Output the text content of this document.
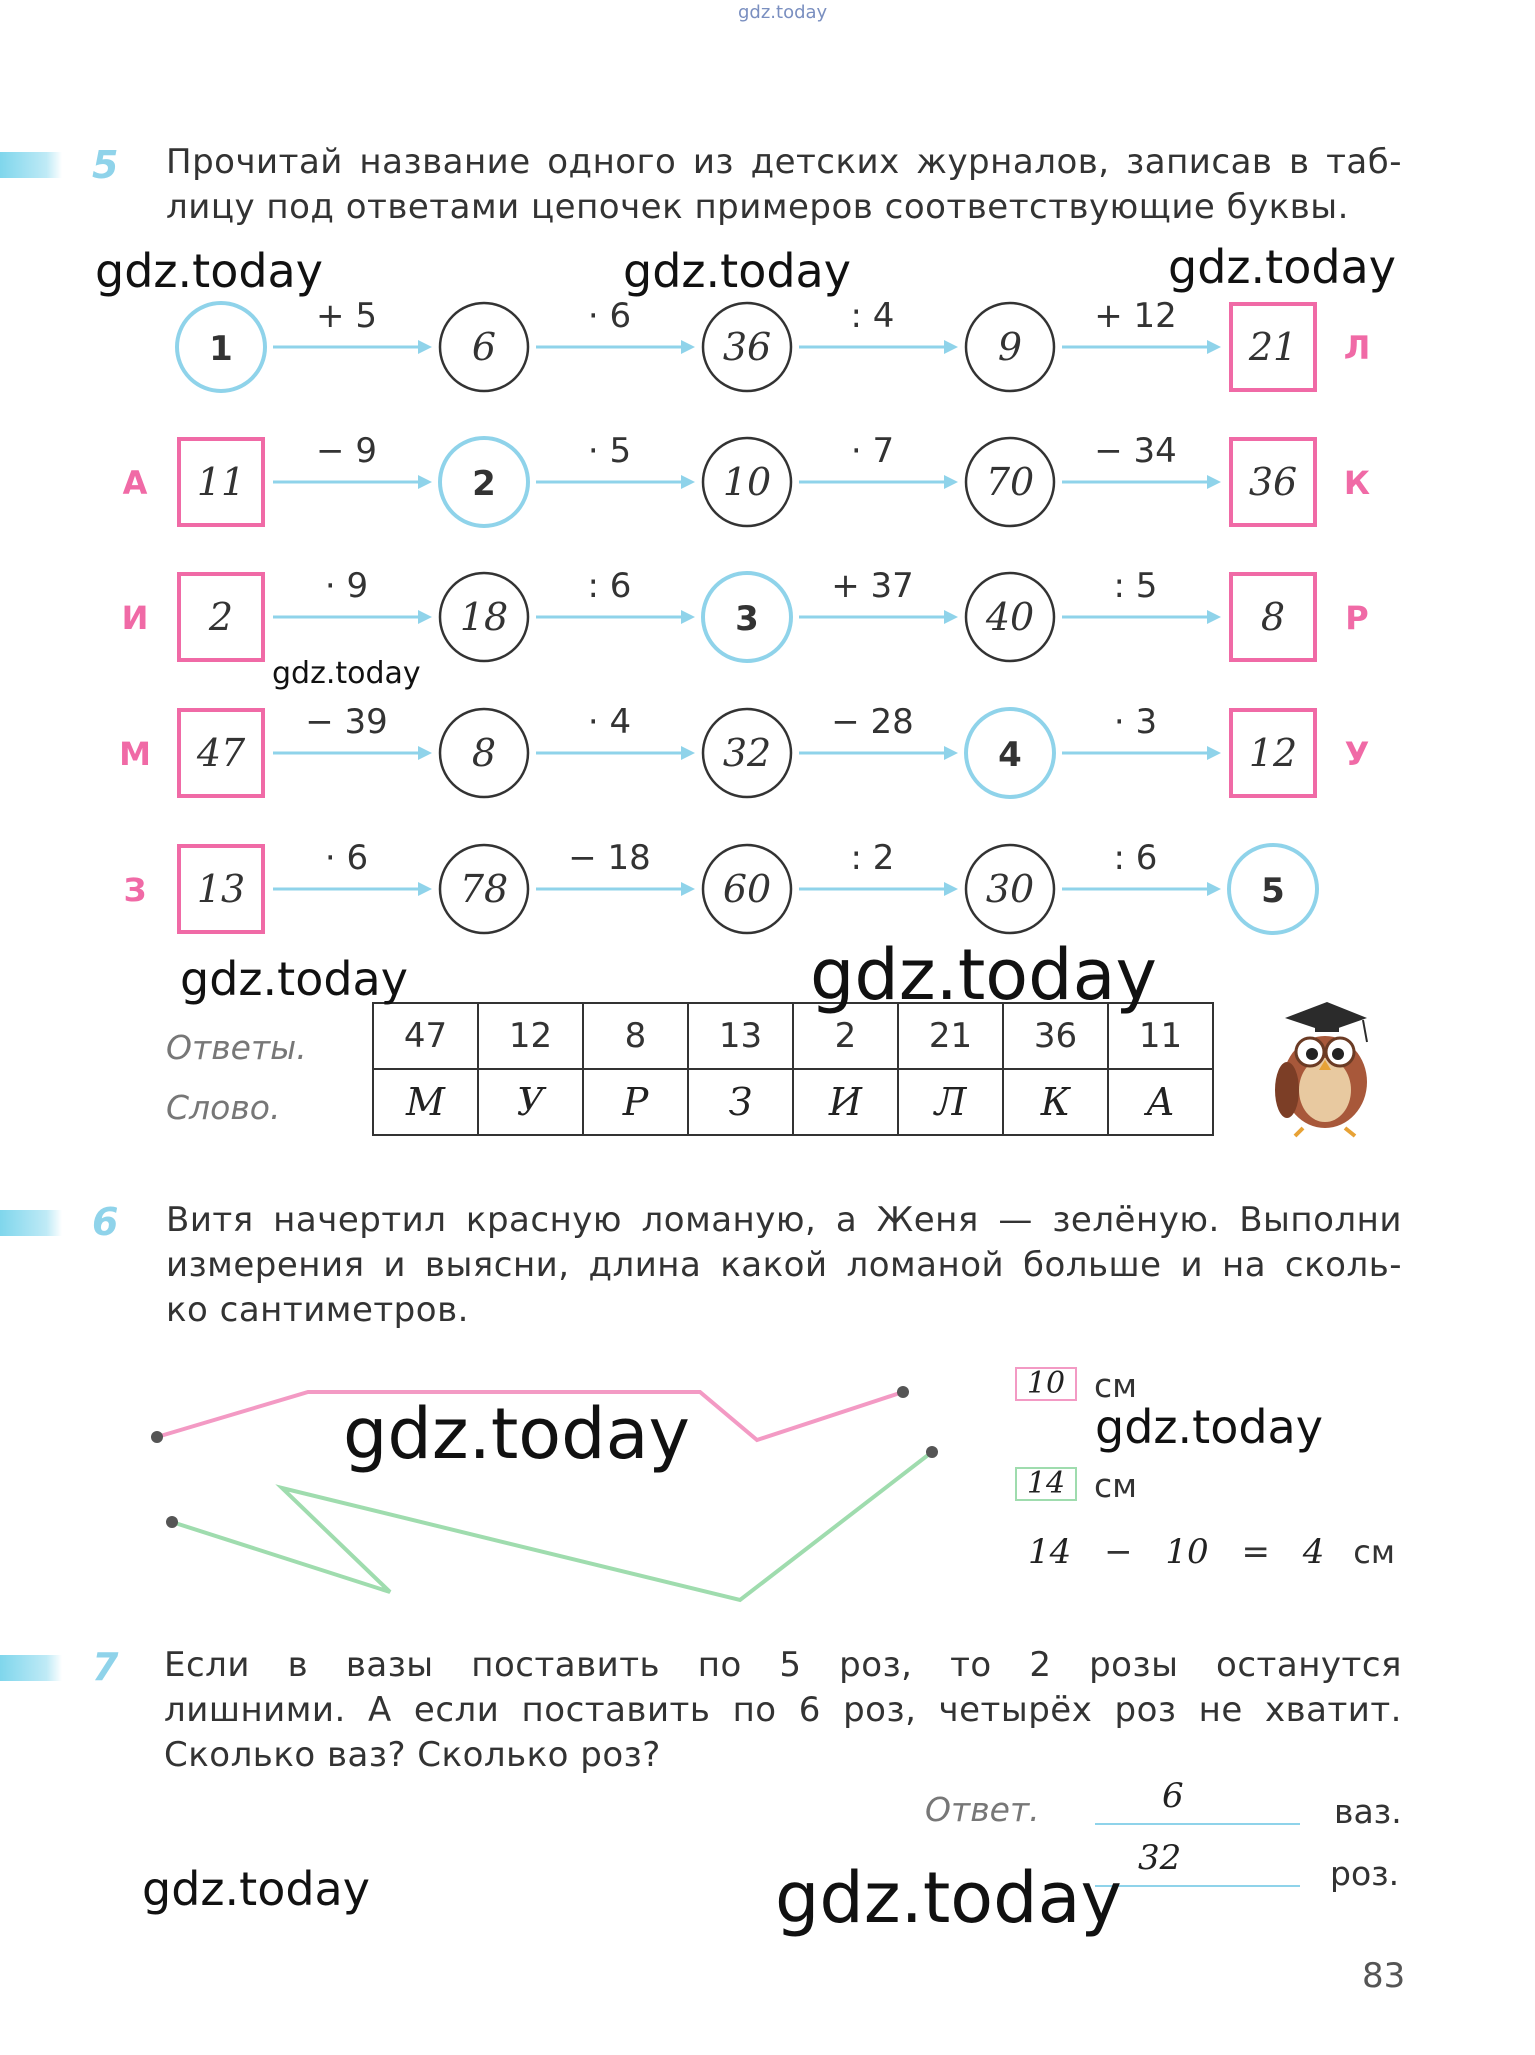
gdz.today
5 Прочитай название одного из детских журналов, записав в таб-
лицу под ответами цепочек примеров соответствующие буквы.
+ 5	· 6	: 4	+ 12
1	6	36	9	21 Л
− 9	· 5	· 7	− 34
11	2	10	70	36
А	К
· 9	: 6	+ 37	: 5
2	18	3	40	8
И	Р
− 39	· 4	− 28	· 3
47	8	32	4	12
М	У
· 6	− 18	: 2	: 6
13	78	60	30	5
З
Ответы.
Слово.
47	12	8	13	2	21	36	11
М	У	Р	З	И	Л	К	А
6 Витя начертил красную ломаную, а Женя — зелёную. Выполни
измерения и выясни, длина какой ломаной больше и на сколь-
ко сантиметров.
10 см
14 см
14 − 10 = 4 см
7 Если в вазы поставить по 5 роз, то 2 розы останутся
лишними. А если поставить по 6 роз, четырёх роз не хватит.
Сколько ваз? Сколько роз?
Ответ.	6	ваз.
32	роз.
83
gdz.today	gdz.today	gdz.today
gdz.today
gdz.today	gdz.today
gdz.today	gdz.today
gdz.today	gdz.today
